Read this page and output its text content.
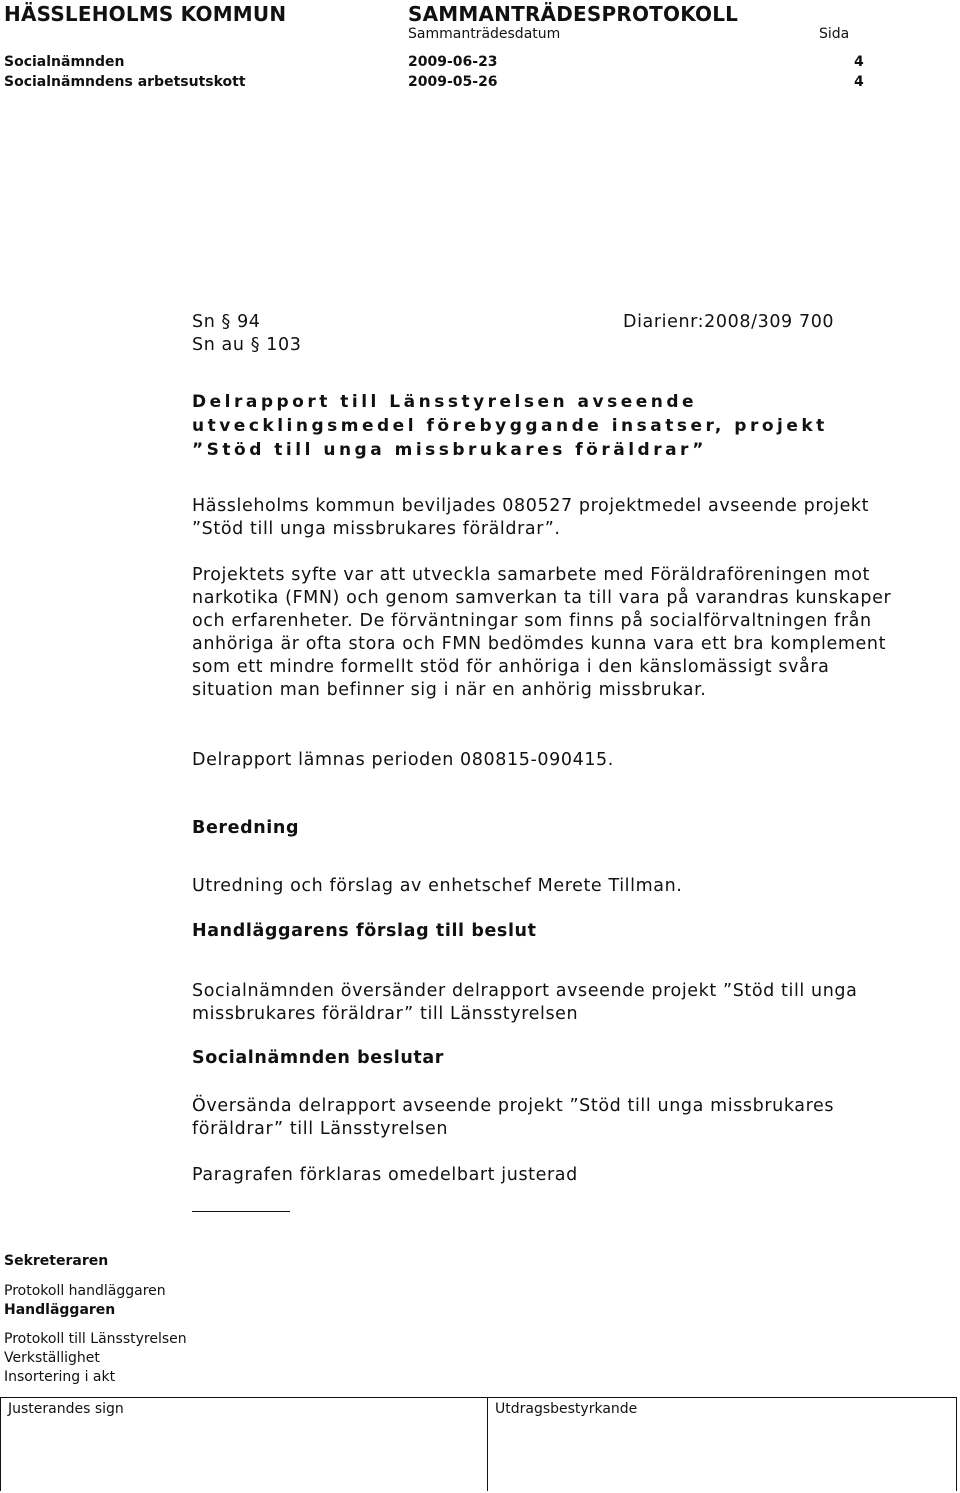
HÄSSLEHOLMS KOMMUN	SAMMANTRÄDESPROTOKOLL
Sammanträdesdatum	Sida
Socialnämnden	2009-06-23	4
Socialnämndens arbetsutskott	2009-05-26	4
Sn § 94
Sn au § 103
Diarienr:2008/309 700
Delrapport till Länsstyrelsen avseende utvecklingsmedel förebyggande insatser, projekt ”Stöd till unga missbrukares föräldrar”
Hässleholms kommun beviljades 080527 projektmedel avseende projekt ”Stöd till unga missbrukares föräldrar”.
Projektets syfte var att utveckla samarbete med Föräldraföreningen mot narkotika (FMN) och genom samverkan ta till vara på varandras kunskaper och erfarenheter. De förväntningar som finns på socialförvaltningen från anhöriga är ofta stora och FMN bedömdes kunna vara ett bra komplement som ett mindre formellt stöd för anhöriga i den känslomässigt svåra situation man befinner sig i när en anhörig missbrukar.
Delrapport lämnas perioden 080815-090415.
Beredning
Utredning och förslag av enhetschef Merete Tillman.
Handläggarens förslag till beslut
Socialnämnden översänder delrapport avseende projekt ”Stöd till unga missbrukares föräldrar” till Länsstyrelsen
Socialnämnden beslutar
Översända delrapport avseende projekt ”Stöd till unga missbrukares föräldrar” till Länsstyrelsen
Paragrafen förklaras omedelbart justerad
Sekreteraren
Protokoll handläggaren
Handläggaren
Protokoll till Länsstyrelsen
Verkställighet
Insortering i akt
Justerandes sign	Utdragsbestyrkande
